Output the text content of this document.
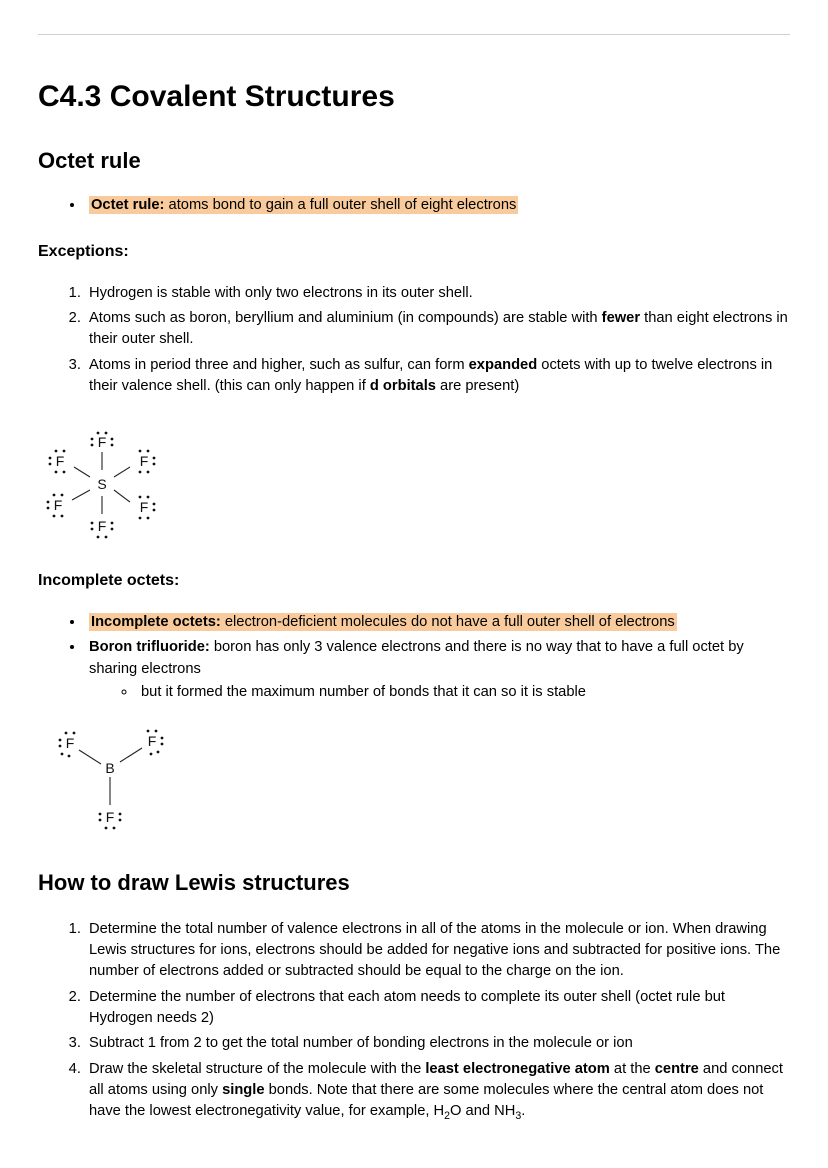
C4.3 Covalent Structures
Octet rule
• Octet rule: atoms bond to gain a full outer shell of eight electrons
Exceptions:
1. Hydrogen is stable with only two electrons in its outer shell.
2. Atoms such as boron, beryllium and aluminium (in compounds) are stable with fewer than eight electrons in their outer shell.
3. Atoms in period three and higher, such as sulfur, can form expanded octets with up to twelve electrons in their valence shell. (this can only happen if d orbitals are present)
S
F
F
F	F
F	F
Incomplete octets:
• Incomplete octets: electron-deficient molecules do not have a full outer shell of electrons
• Boron trifluoride: boron has only 3 valence electrons and there is no way that to have a full octet by sharing electrons
◦ but it formed the maximum number of bonds that it can so it is stable
B
F	F
F
How to draw Lewis structures
1. Determine the total number of valence electrons in all of the atoms in the molecule or ion. When drawing Lewis structures for ions, electrons should be added for negative ions and subtracted for positive ions. The number of electrons added or subtracted should be equal to the charge on the ion.
2. Determine the number of electrons that each atom needs to complete its outer shell (octet rule but Hydrogen needs 2)
3. Subtract 1 from 2 to get the total number of bonding electrons in the molecule or ion
4. Draw the skeletal structure of the molecule with the least electronegative atom at the centre and connect all atoms using only single bonds. Note that there are some molecules where the central atom does not have the lowest electronegativity value, for example, $H_2O$ and $NH_3$.
